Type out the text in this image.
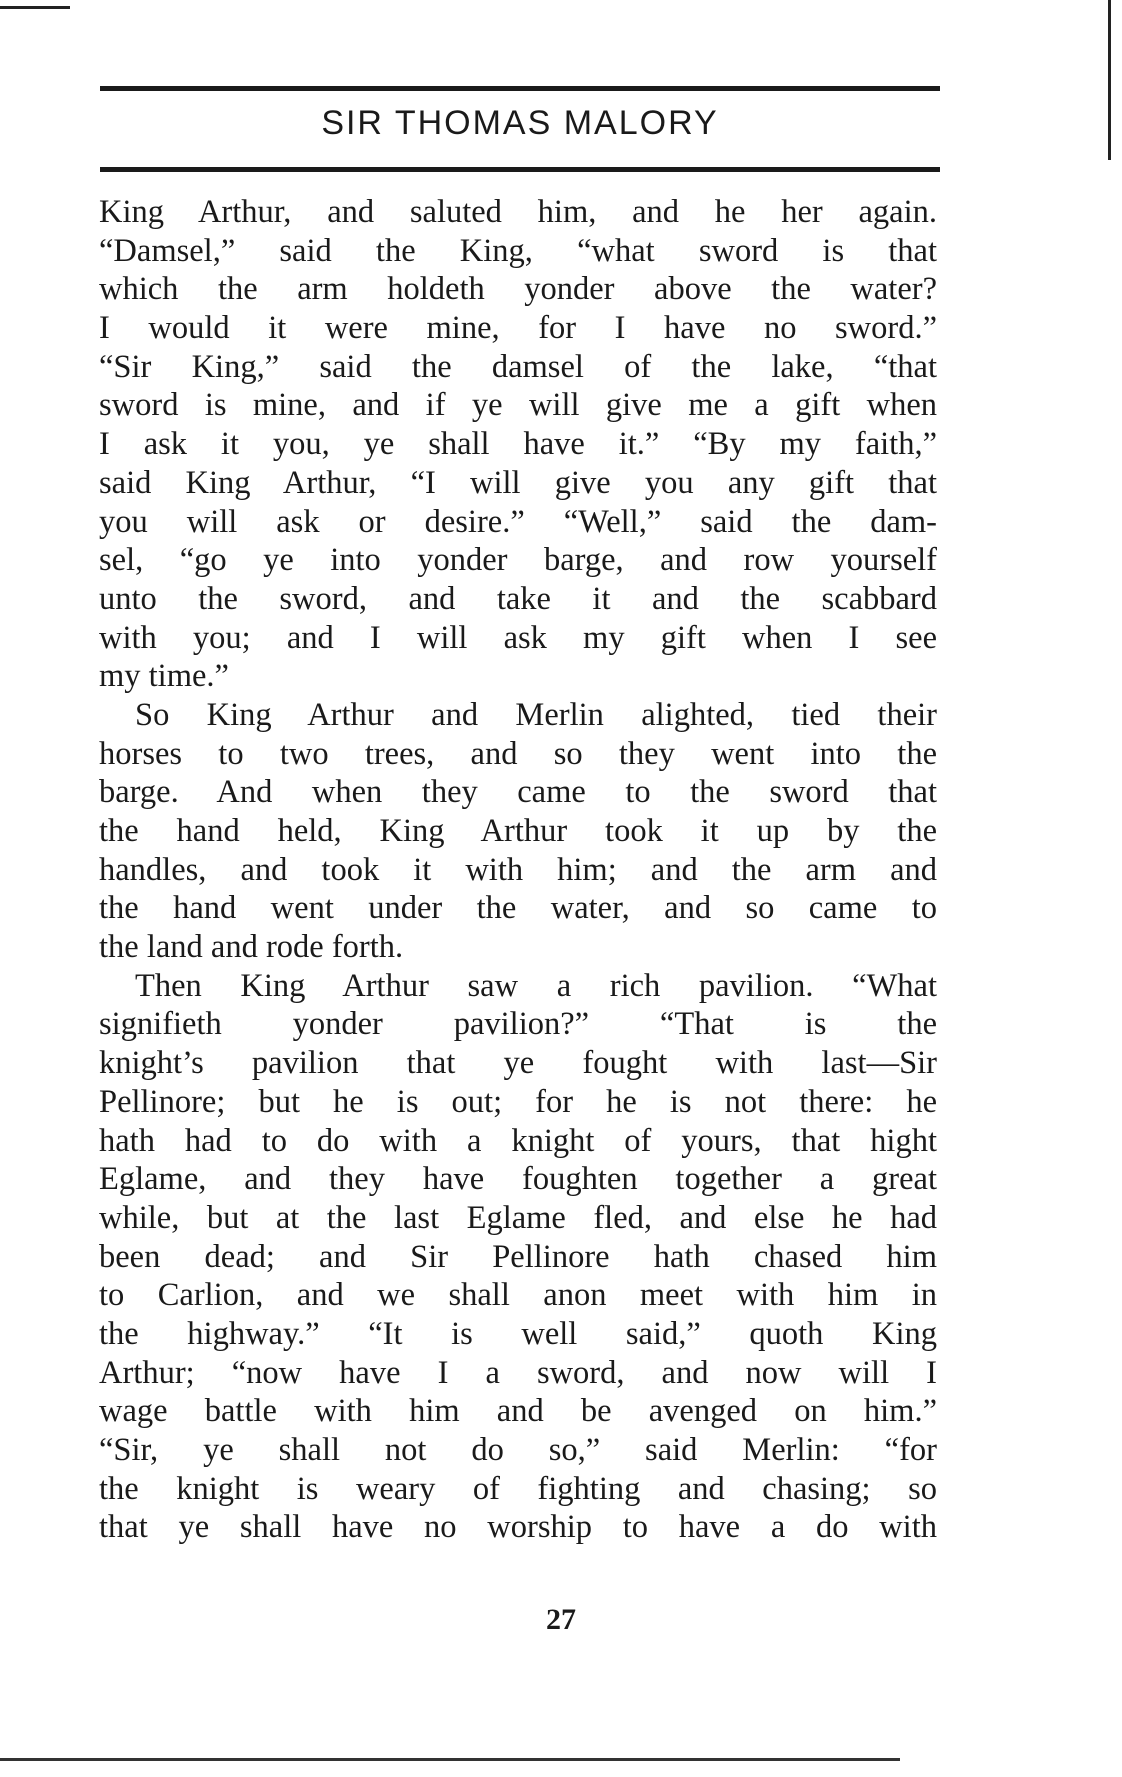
SIR THOMAS MALORY
King Arthur, and saluted him, and he her again.
“Damsel,” said the King, “what sword is that
which the arm holdeth yonder above the water?
I would it were mine, for I have no sword.”
“Sir King,” said the damsel of the lake, “that
sword is mine, and if ye will give me a gift when
I ask it you, ye shall have it.” “By my faith,”
said King Arthur, “I will give you any gift that
you will ask or desire.” “Well,” said the dam-
sel, “go ye into yonder barge, and row yourself
unto the sword, and take it and the scabbard
with you; and I will ask my gift when I see
my time.”
So King Arthur and Merlin alighted, tied their
horses to two trees, and so they went into the
barge. And when they came to the sword that
the hand held, King Arthur took it up by the
handles, and took it with him; and the arm and
the hand went under the water, and so came to
the land and rode forth.
Then King Arthur saw a rich pavilion. “What
signifieth yonder pavilion?” “That is the
knight’s pavilion that ye fought with last—Sir
Pellinore; but he is out; for he is not there: he
hath had to do with a knight of yours, that hight
Eglame, and they have foughten together a great
while, but at the last Eglame fled, and else he had
been dead; and Sir Pellinore hath chased him
to Carlion, and we shall anon meet with him in
the highway.” “It is well said,” quoth King
Arthur; “now have I a sword, and now will I
wage battle with him and be avenged on him.”
“Sir, ye shall not do so,” said Merlin: “for
the knight is weary of fighting and chasing; so
that ye shall have no worship to have a do with
27
